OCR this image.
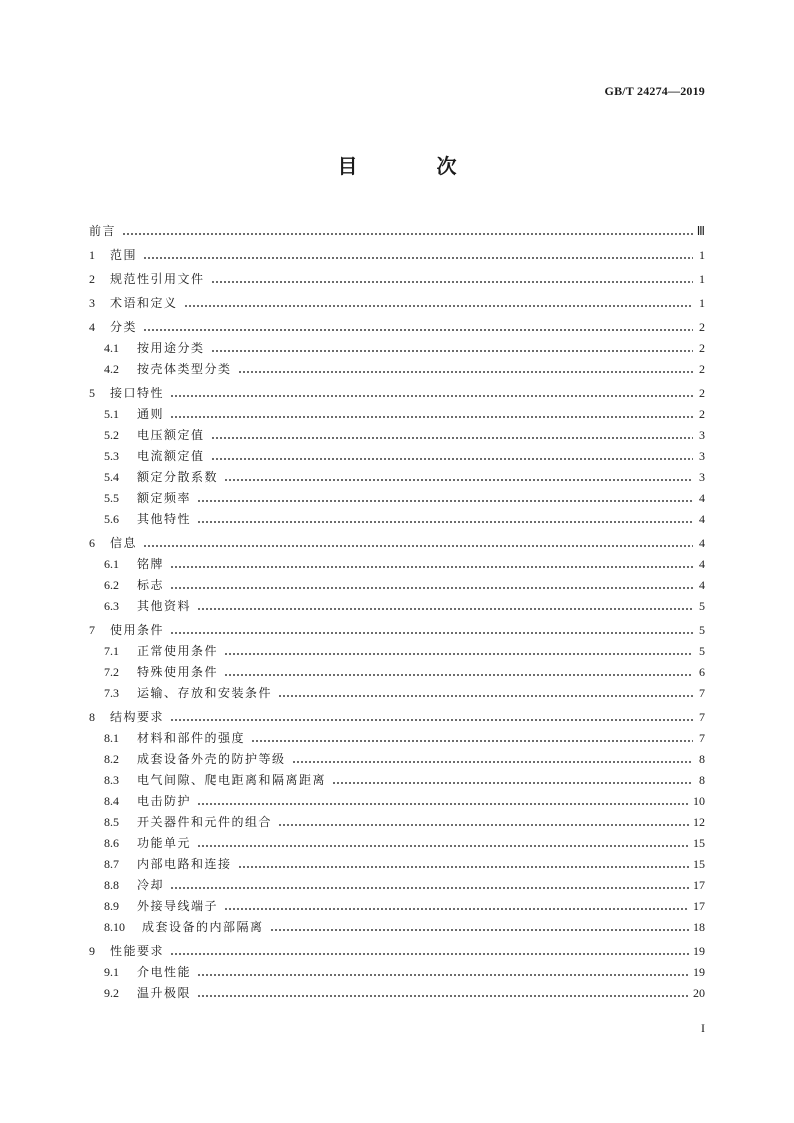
GB/T 24274—2019
目 次
前言	Ⅲ
1	范围	1
2	规范性引用文件	1
3	术语和定义	1
4	分类	2
4.1	按用途分类	2
4.2	按壳体类型分类	2
5	接口特性	2
5.1	通则	2
5.2	电压额定值	3
5.3	电流额定值	3
5.4	额定分散系数	3
5.5	额定频率	4
5.6	其他特性	4
6	信息	4
6.1	铭牌	4
6.2	标志	4
6.3	其他资料	5
7	使用条件	5
7.1	正常使用条件	5
7.2	特殊使用条件	6
7.3	运输、存放和安装条件	7
8	结构要求	7
8.1	材料和部件的强度	7
8.2	成套设备外壳的防护等级	8
8.3	电气间隙、爬电距离和隔离距离	8
8.4	电击防护	10
8.5	开关器件和元件的组合	12
8.6	功能单元	15
8.7	内部电路和连接	15
8.8	冷却	17
8.9	外接导线端子	17
8.10	成套设备的内部隔离	18
9	性能要求	19
9.1	介电性能	19
9.2	温升极限	20
I
